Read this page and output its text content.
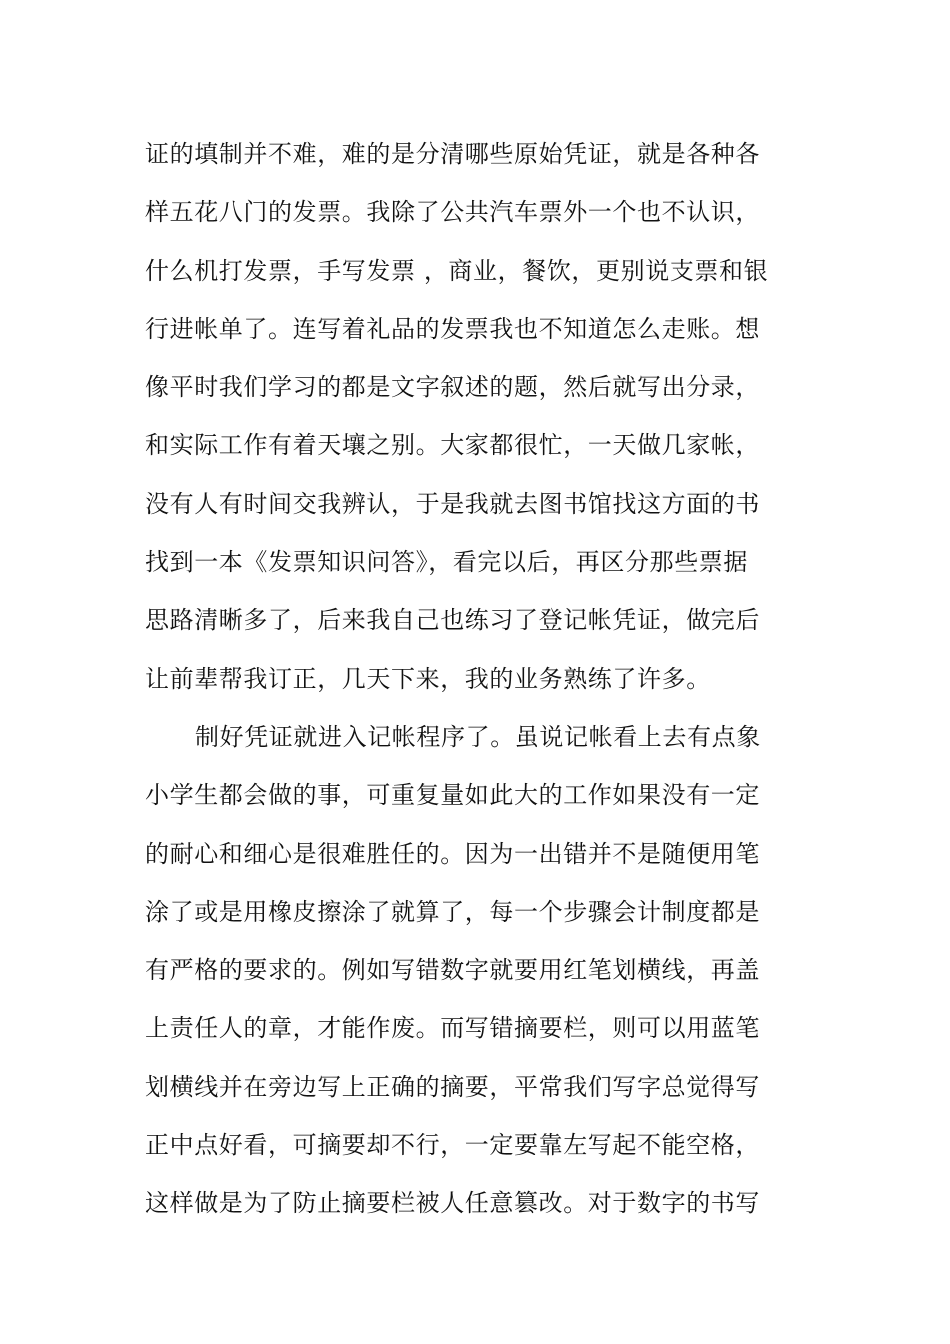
证的填制并不难，难的是分清哪些原始凭证，就是各种各
样五花八门的发票。我除了公共汽车票外一个也不认识，
什么机打发票，手写发票 ，商业，餐饮，更别说支票和银
行进帐单了。连写着礼品的发票我也不知道怎么走账。想
像平时我们学习的都是文字叙述的题，然后就写出分录，
和实际工作有着天壤之别。大家都很忙，一天做几家帐，
没有人有时间交我辨认，于是我就去图书馆找这方面的书
找到一本《发票知识问答》，看完以后，再区分那些票据
思路清晰多了，后来我自己也练习了登记帐凭证，做完后
让前辈帮我订正，几天下来，我的业务熟练了许多。
制好凭证就进入记帐程序了。虽说记帐看上去有点象
小学生都会做的事，可重复量如此大的工作如果没有一定
的耐心和细心是很难胜任的。因为一出错并不是随便用笔
涂了或是用橡皮擦涂了就算了，每一个步骤会计制度都是
有严格的要求的。例如写错数字就要用红笔划横线，再盖
上责任人的章，才能作废。而写错摘要栏，则可以用蓝笔
划横线并在旁边写上正确的摘要，平常我们写字总觉得写
正中点好看，可摘要却不行，一定要靠左写起不能空格，
这样做是为了防止摘要栏被人任意篡改。对于数字的书写
